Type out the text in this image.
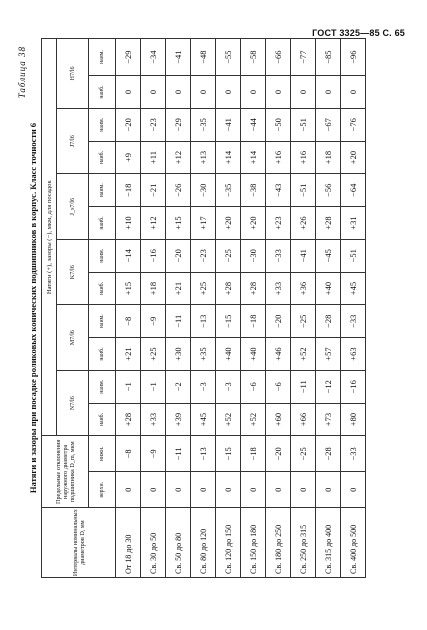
ГОСТ 3325—85 С. 65
Таблица 38
Натяги и зазоры при посадке роликовых конических подшипников в корпус. Класс точности 6
Интервалы номинальных диаметров D, мм	Предельные отклонения наружного диаметра подшипника D_m, мкм		Натяги (+), зазоры (−), мкм, для посадок											
			N7/l6		M7/l6		K7/l6		J_s7/l6		J7/l6		H7/l6	
	верхн.	нижн.	наиб.	наим.	наиб.	наим.	наиб.	наим.	наиб.	наим.	наиб.	наим.	наиб.	наим.
От 18 до 30	0	−8	+28	−1	+21	−8	+15	−14	+10	−18	+9	−20	0	−29
Св. 30 до 50	0	−9	+33	−1	+25	−9	+18	−16	+12	−21	+11	−23	0	−34
Св. 50 до 80	0	−11	+39	−2	+30	−11	+21	−20	+15	−26	+12	−29	0	−41
Св. 80 до 120	0	−13	+45	−3	+35	−13	+25	−23	+17	−30	+13	−35	0	−48
Св. 120 до 150	0	−15	+52	−3	+40	−15	+28	−25	+20	−35	+14	−41	0	−55
Св. 150 до 180	0	−18	+52	−6	+40	−18	+28	−30	+20	−38	+14	−44	0	−58
Св. 180 до 250	0	−20	+60	−6	+46	−20	+33	−33	+23	−43	+16	−50	0	−66
Св. 250 до 315	0	−25	+66	−11	+52	−25	+36	−41	+26	−51	+16	−51	0	−77
Св. 315 до 400	0	−28	+73	−12	+57	−28	+40	−45	+28	−56	+18	−67	0	−85
Св. 400 до 500	0	−33	+80	−16	+63	−33	+45	−51	+31	−64	+20	−76	0	−96
